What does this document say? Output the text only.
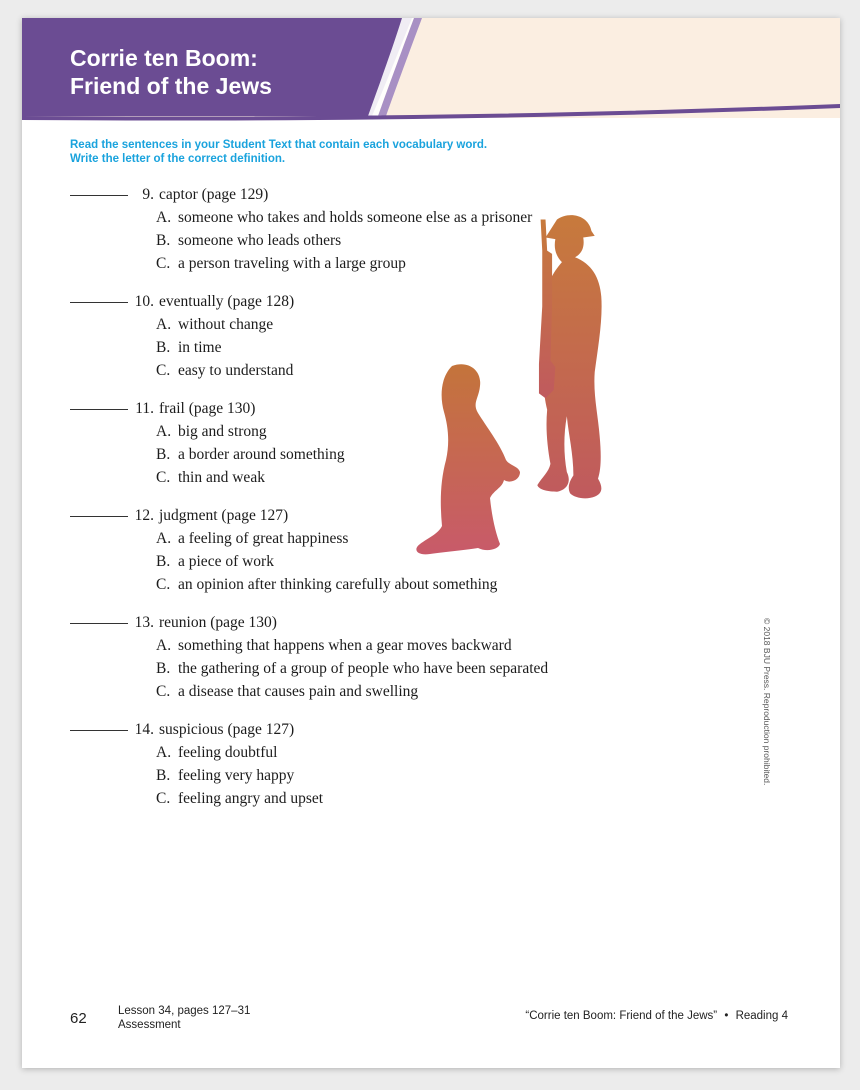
Corrie ten Boom:
Friend of the Jews
Read the sentences in your Student Text that contain each vocabulary word.
Write the letter of the correct definition.
9. captor (page 129)
A. someone who takes and holds someone else as a prisoner
B. someone who leads others
C. a person traveling with a large group
10. eventually (page 128)
A. without change
B. in time
C. easy to understand
11. frail (page 130)
A. big and strong
B. a border around something
C. thin and weak
12. judgment (page 127)
A. a feeling of great happiness
B. a piece of work
C. an opinion after thinking carefully about something
13. reunion (page 130)
A. something that happens when a gear moves backward
B. the gathering of a group of people who have been separated
C. a disease that causes pain and swelling
14. suspicious (page 127)
A. feeling doubtful
B. feeling very happy
C. feeling angry and upset
© 2018 BJU Press. Reproduction prohibited.
62	Lesson 34, pages 127–31
Assessment
“Corrie ten Boom: Friend of the Jews” • Reading 4
